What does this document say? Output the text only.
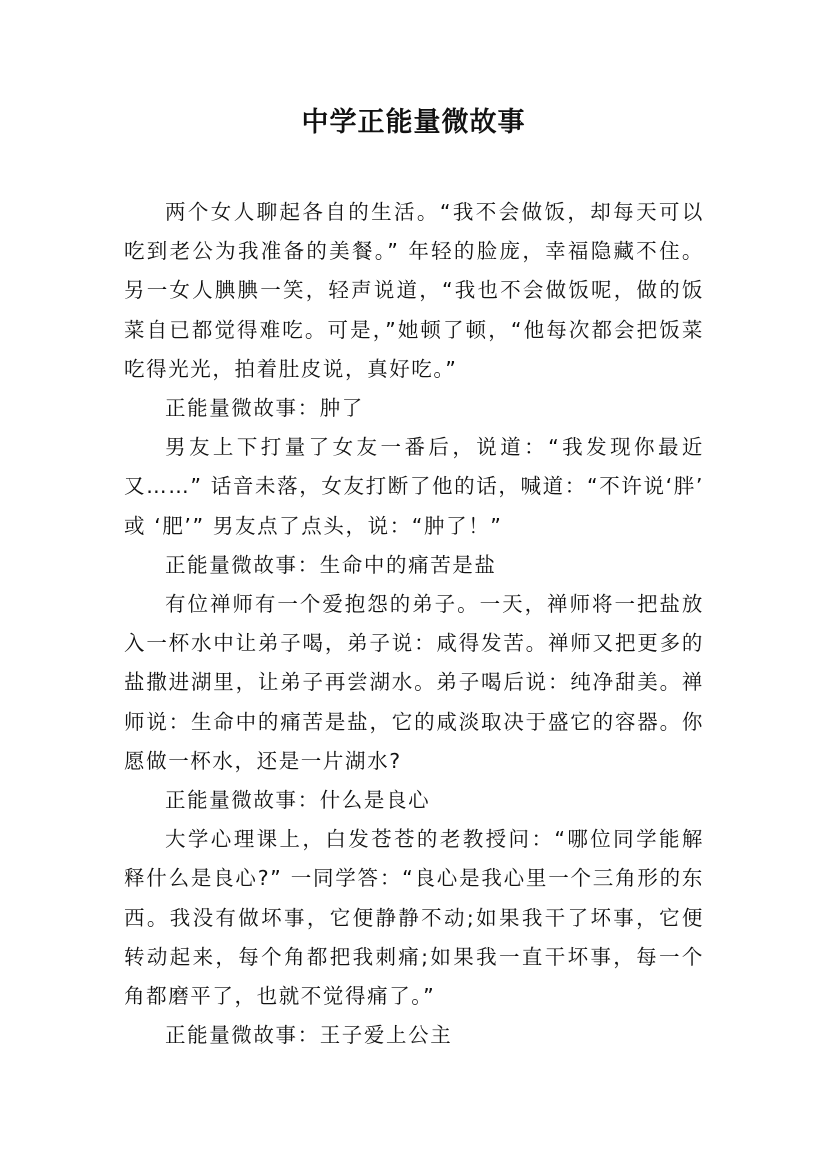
中学正能量微故事

两个女人聊起各自的生活。“我不会做饭，却每天可以吃到老公为我准备的美餐。” 年轻的脸庞，幸福隐藏不住。另一女人腆腆一笑，轻声说道，“我也不会做饭呢，做的饭菜自已都觉得难吃。可是，”她顿了顿，“他每次都会把饭菜吃得光光，拍着肚皮说，真好吃。”

正能量微故事：肿了

男友上下打量了女友一番后，说道：“我发现你最近又……” 话音未落，女友打断了他的话，喊道：“不许说‘胖’ 或 ‘肥’” 男友点了点头，说：“肿了！”

正能量微故事：生命中的痛苦是盐

有位禅师有一个爱抱怨的弟子。一天，禅师将一把盐放入一杯水中让弟子喝，弟子说：咸得发苦。禅师又把更多的盐撒进湖里，让弟子再尝湖水。弟子喝后说：纯净甜美。禅师说：生命中的痛苦是盐，它的咸淡取决于盛它的容器。你愿做一杯水，还是一片湖水?

正能量微故事：什么是良心

大学心理课上，白发苍苍的老教授问：“哪位同学能解释什么是良心?” 一同学答：“良心是我心里一个三角形的东西。我没有做坏事，它便静静不动;如果我干了坏事，它便转动起来，每个角都把我刺痛;如果我一直干坏事，每一个角都磨平了，也就不觉得痛了。”

正能量微故事：王子爱上公主
